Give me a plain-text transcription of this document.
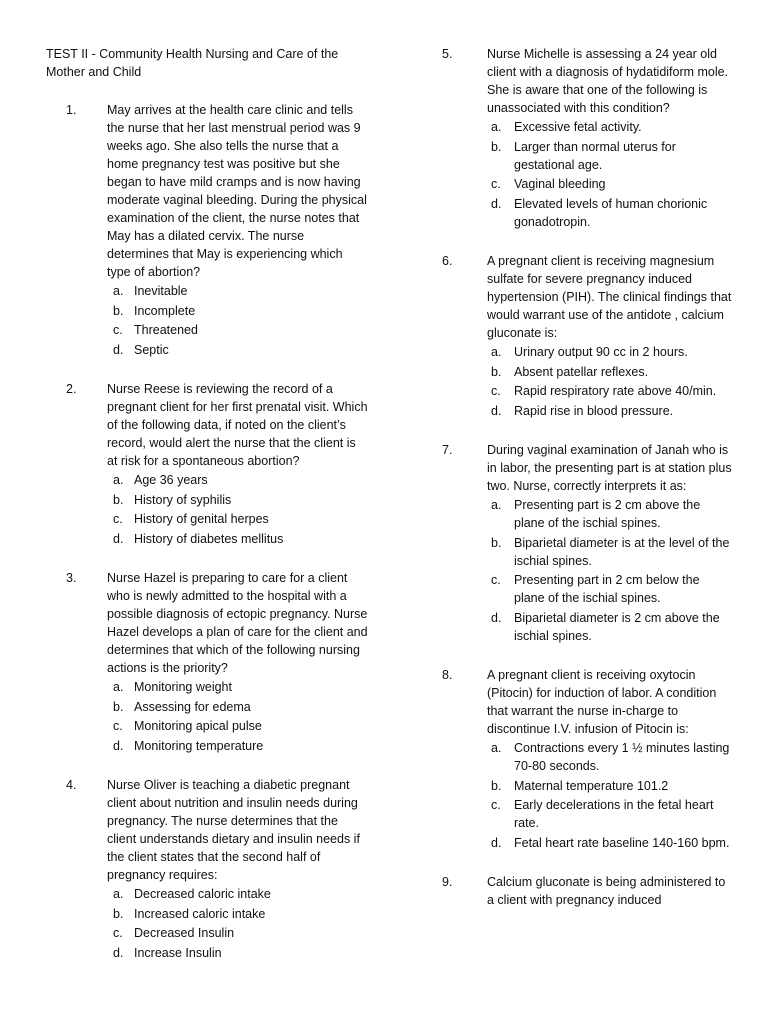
TEST II - Community Health Nursing and Care of the Mother and Child
1.	May arrives at the health care clinic and tells the nurse that her last menstrual period was 9 weeks ago. She also tells the nurse that a home pregnancy test was positive but she began to have mild cramps and is now having moderate vaginal bleeding. During the physical examination of the client, the nurse notes that May has a dilated cervix. The nurse determines that May is experiencing which type of abortion?
a. Inevitable
b. Incomplete
c. Threatened
d. Septic
2.	Nurse Reese is reviewing the record of a pregnant client for her first prenatal visit. Which of the following data, if noted on the client’s record, would alert the nurse that the client is at risk for a spontaneous abortion?
a. Age 36 years
b. History of syphilis
c. History of genital herpes
d. History of diabetes mellitus
3.	Nurse Hazel is preparing to care for a client who is newly admitted to the hospital with a possible diagnosis of ectopic pregnancy. Nurse Hazel develops a plan of care for the client and determines that which of the following nursing actions is the priority?
a. Monitoring weight
b. Assessing for edema
c. Monitoring apical pulse
d. Monitoring temperature
4.	Nurse Oliver is teaching a diabetic pregnant client about nutrition and insulin needs during pregnancy. The nurse determines that the client understands dietary and insulin needs if the client states that the second half of pregnancy requires:
a. Decreased caloric intake
b. Increased caloric intake
c. Decreased Insulin
d. Increase Insulin
5.	Nurse Michelle is assessing a 24 year old client with a diagnosis of hydatidiform mole. She is aware that one of the following is unassociated with this condition?
a.	Excessive fetal activity.
b.	Larger than normal uterus for gestational age.
c.	Vaginal bleeding
d.	Elevated levels of human chorionic gonadotropin.
6.	A pregnant client is receiving magnesium sulfate for severe pregnancy induced hypertension (PIH). The clinical findings that would warrant use of the antidote , calcium gluconate is:
a.	Urinary output 90 cc in 2 hours.
b.	Absent patellar reflexes.
c.	Rapid respiratory rate above 40/min.
d.	Rapid rise in blood pressure.
7.	During vaginal examination of Janah who is in labor, the presenting part is at station plus two. Nurse, correctly interprets it as:
a.	Presenting part is 2 cm above the plane of the ischial spines.
b.	Biparietal diameter is at the level of the ischial spines.
c.	Presenting part in 2 cm below the plane of the ischial spines.
d.	Biparietal diameter is 2 cm above the ischial spines.
8.	A pregnant client is receiving oxytocin (Pitocin) for induction of labor. A condition that warrant the nurse in-charge to discontinue I.V. infusion of Pitocin is:
a.	Contractions every 1 ½ minutes lasting 70-80 seconds.
b.	Maternal temperature 101.2
c.	Early decelerations in the fetal heart rate.
d.	Fetal heart rate baseline 140-160 bpm.
9.	Calcium gluconate is being administered to a client with pregnancy induced
